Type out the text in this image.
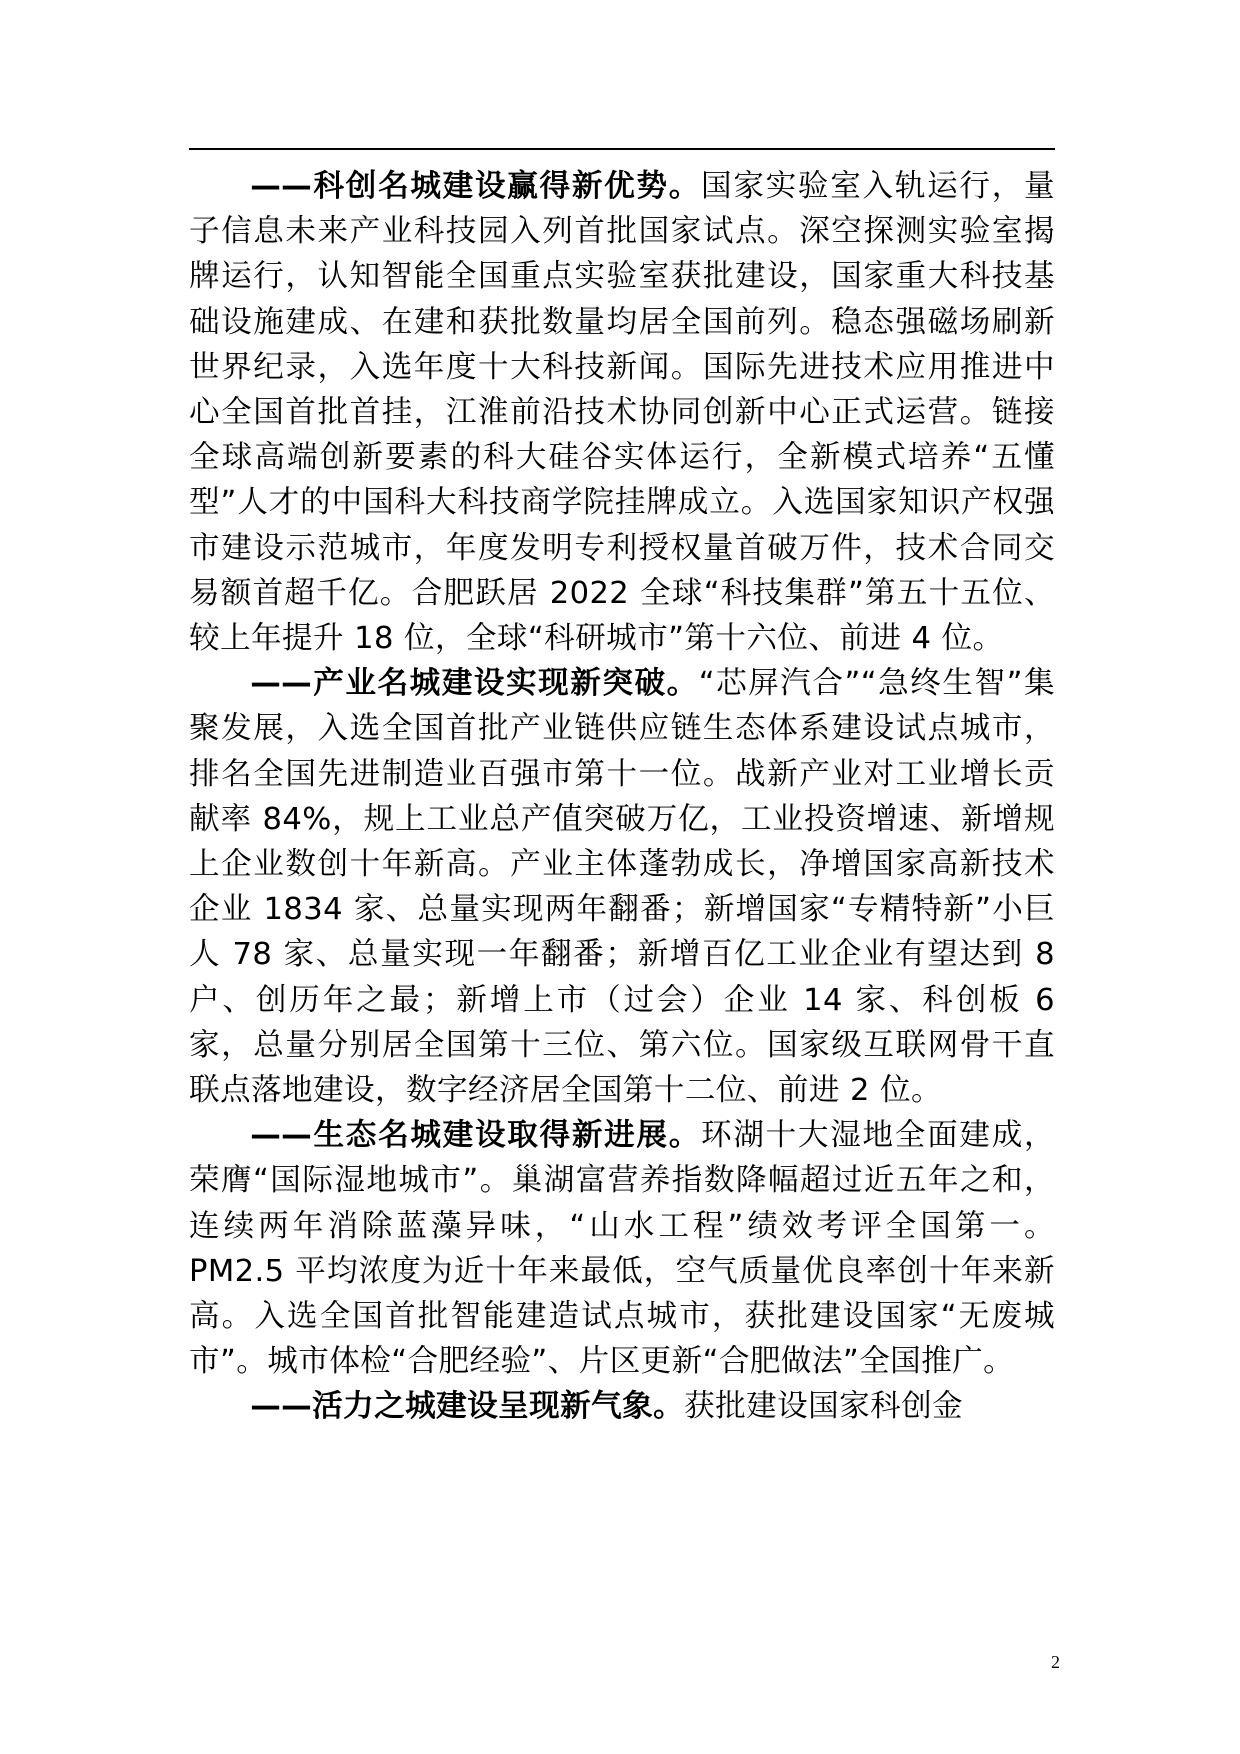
——科创名城建设赢得新优势。国家实验室入轨运行，量子信息未来产业科技园入列首批国家试点。深空探测实验室揭牌运行，认知智能全国重点实验室获批建设，国家重大科技基础设施建成、在建和获批数量均居全国前列。稳态强磁场刷新世界纪录，入选年度十大科技新闻。国际先进技术应用推进中心全国首批首挂，江淮前沿技术协同创新中心正式运营。链接全球高端创新要素的科大硅谷实体运行，全新模式培养“五懂型”人才的中国科大科技商学院挂牌成立。入选国家知识产权强市建设示范城市，年度发明专利授权量首破万件，技术合同交易额首超千亿。合肥跃居 2022 全球“科技集群”第五十五位、较上年提升 18 位，全球“科研城市”第十六位、前进 4 位。

——产业名城建设实现新突破。“芯屏汽合”“急终生智”集聚发展，入选全国首批产业链供应链生态体系建设试点城市，排名全国先进制造业百强市第十一位。战新产业对工业增长贡献率 84%，规上工业总产值突破万亿，工业投资增速、新增规上企业数创十年新高。产业主体蓬勃成长，净增国家高新技术企业 1834 家、总量实现两年翻番；新增国家“专精特新”小巨人 78 家、总量实现一年翻番；新增百亿工业企业有望达到 8 户、创历年之最；新增上市（过会）企业 14 家、科创板 6 家，总量分别居全国第十三位、第六位。国家级互联网骨干直联点落地建设，数字经济居全国第十二位、前进 2 位。

——生态名城建设取得新进展。环湖十大湿地全面建成，荣膺“国际湿地城市”。巢湖富营养指数降幅超过近五年之和，连续两年消除蓝藻异味，“山水工程”绩效考评全国第一。PM2.5 平均浓度为近十年来最低，空气质量优良率创十年来新高。入选全国首批智能建造试点城市，获批建设国家“无废城市”。城市体检“合肥经验”、片区更新“合肥做法”全国推广。

——活力之城建设呈现新气象。获批建设国家科创金

2
